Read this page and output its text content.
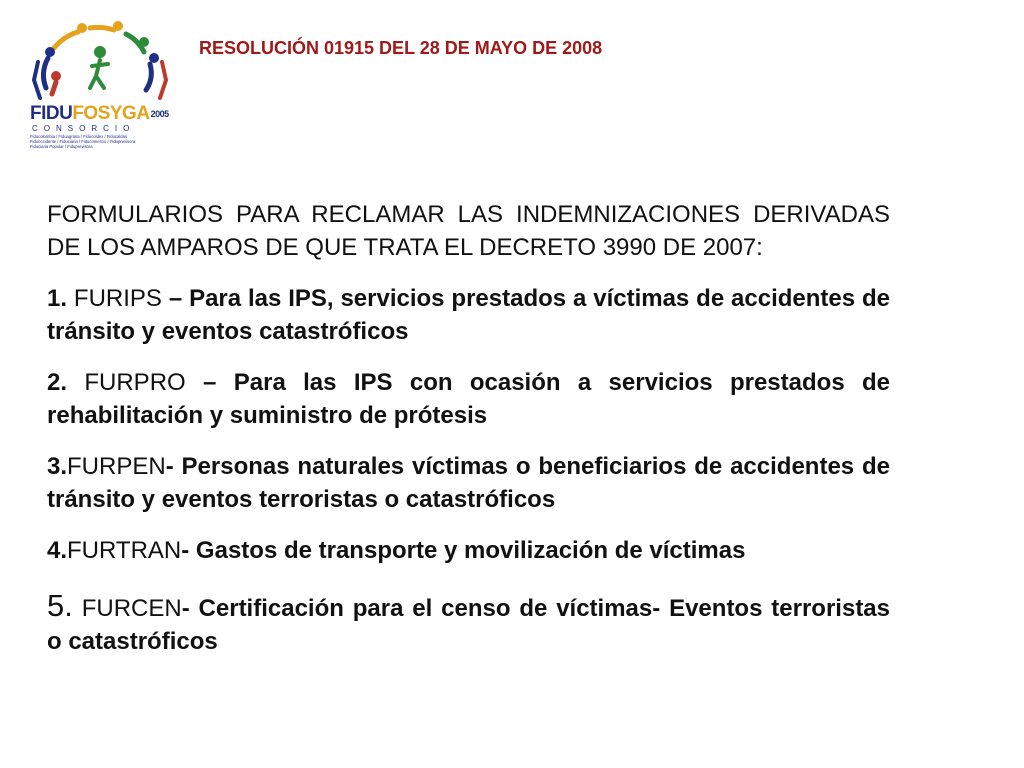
$FIDUFOSYGA^{2005}$
CONSORCIO
Fiducolombia / Fiduagraria / Fiducoldex / Fiducaldas
Fiduoccidente / Fiduciaria / Fiducomercio / Fiduprevisora
Fiduciaria Popular / Fiduprevisora
RESOLUCIÓN 01915 DEL 28 DE MAYO DE 2008

FORMULARIOS PARA RECLAMAR LAS INDEMNIZACIONES DERIVADAS DE LOS AMPAROS DE QUE TRATA EL DECRETO 3990 DE 2007:

1. FURIPS – Para las IPS, servicios prestados a víctimas de accidentes de tránsito y eventos catastróficos

2. FURPRO – Para las IPS con ocasión a servicios prestados de rehabilitación y suministro de prótesis

3.FURPEN- Personas naturales víctimas o beneficiarios de accidentes de tránsito y eventos terroristas o catastróficos

4.FURTRAN- Gastos de transporte y movilización de víctimas

5. FURCEN- Certificación para el censo de víctimas- Eventos terroristas o catastróficos
